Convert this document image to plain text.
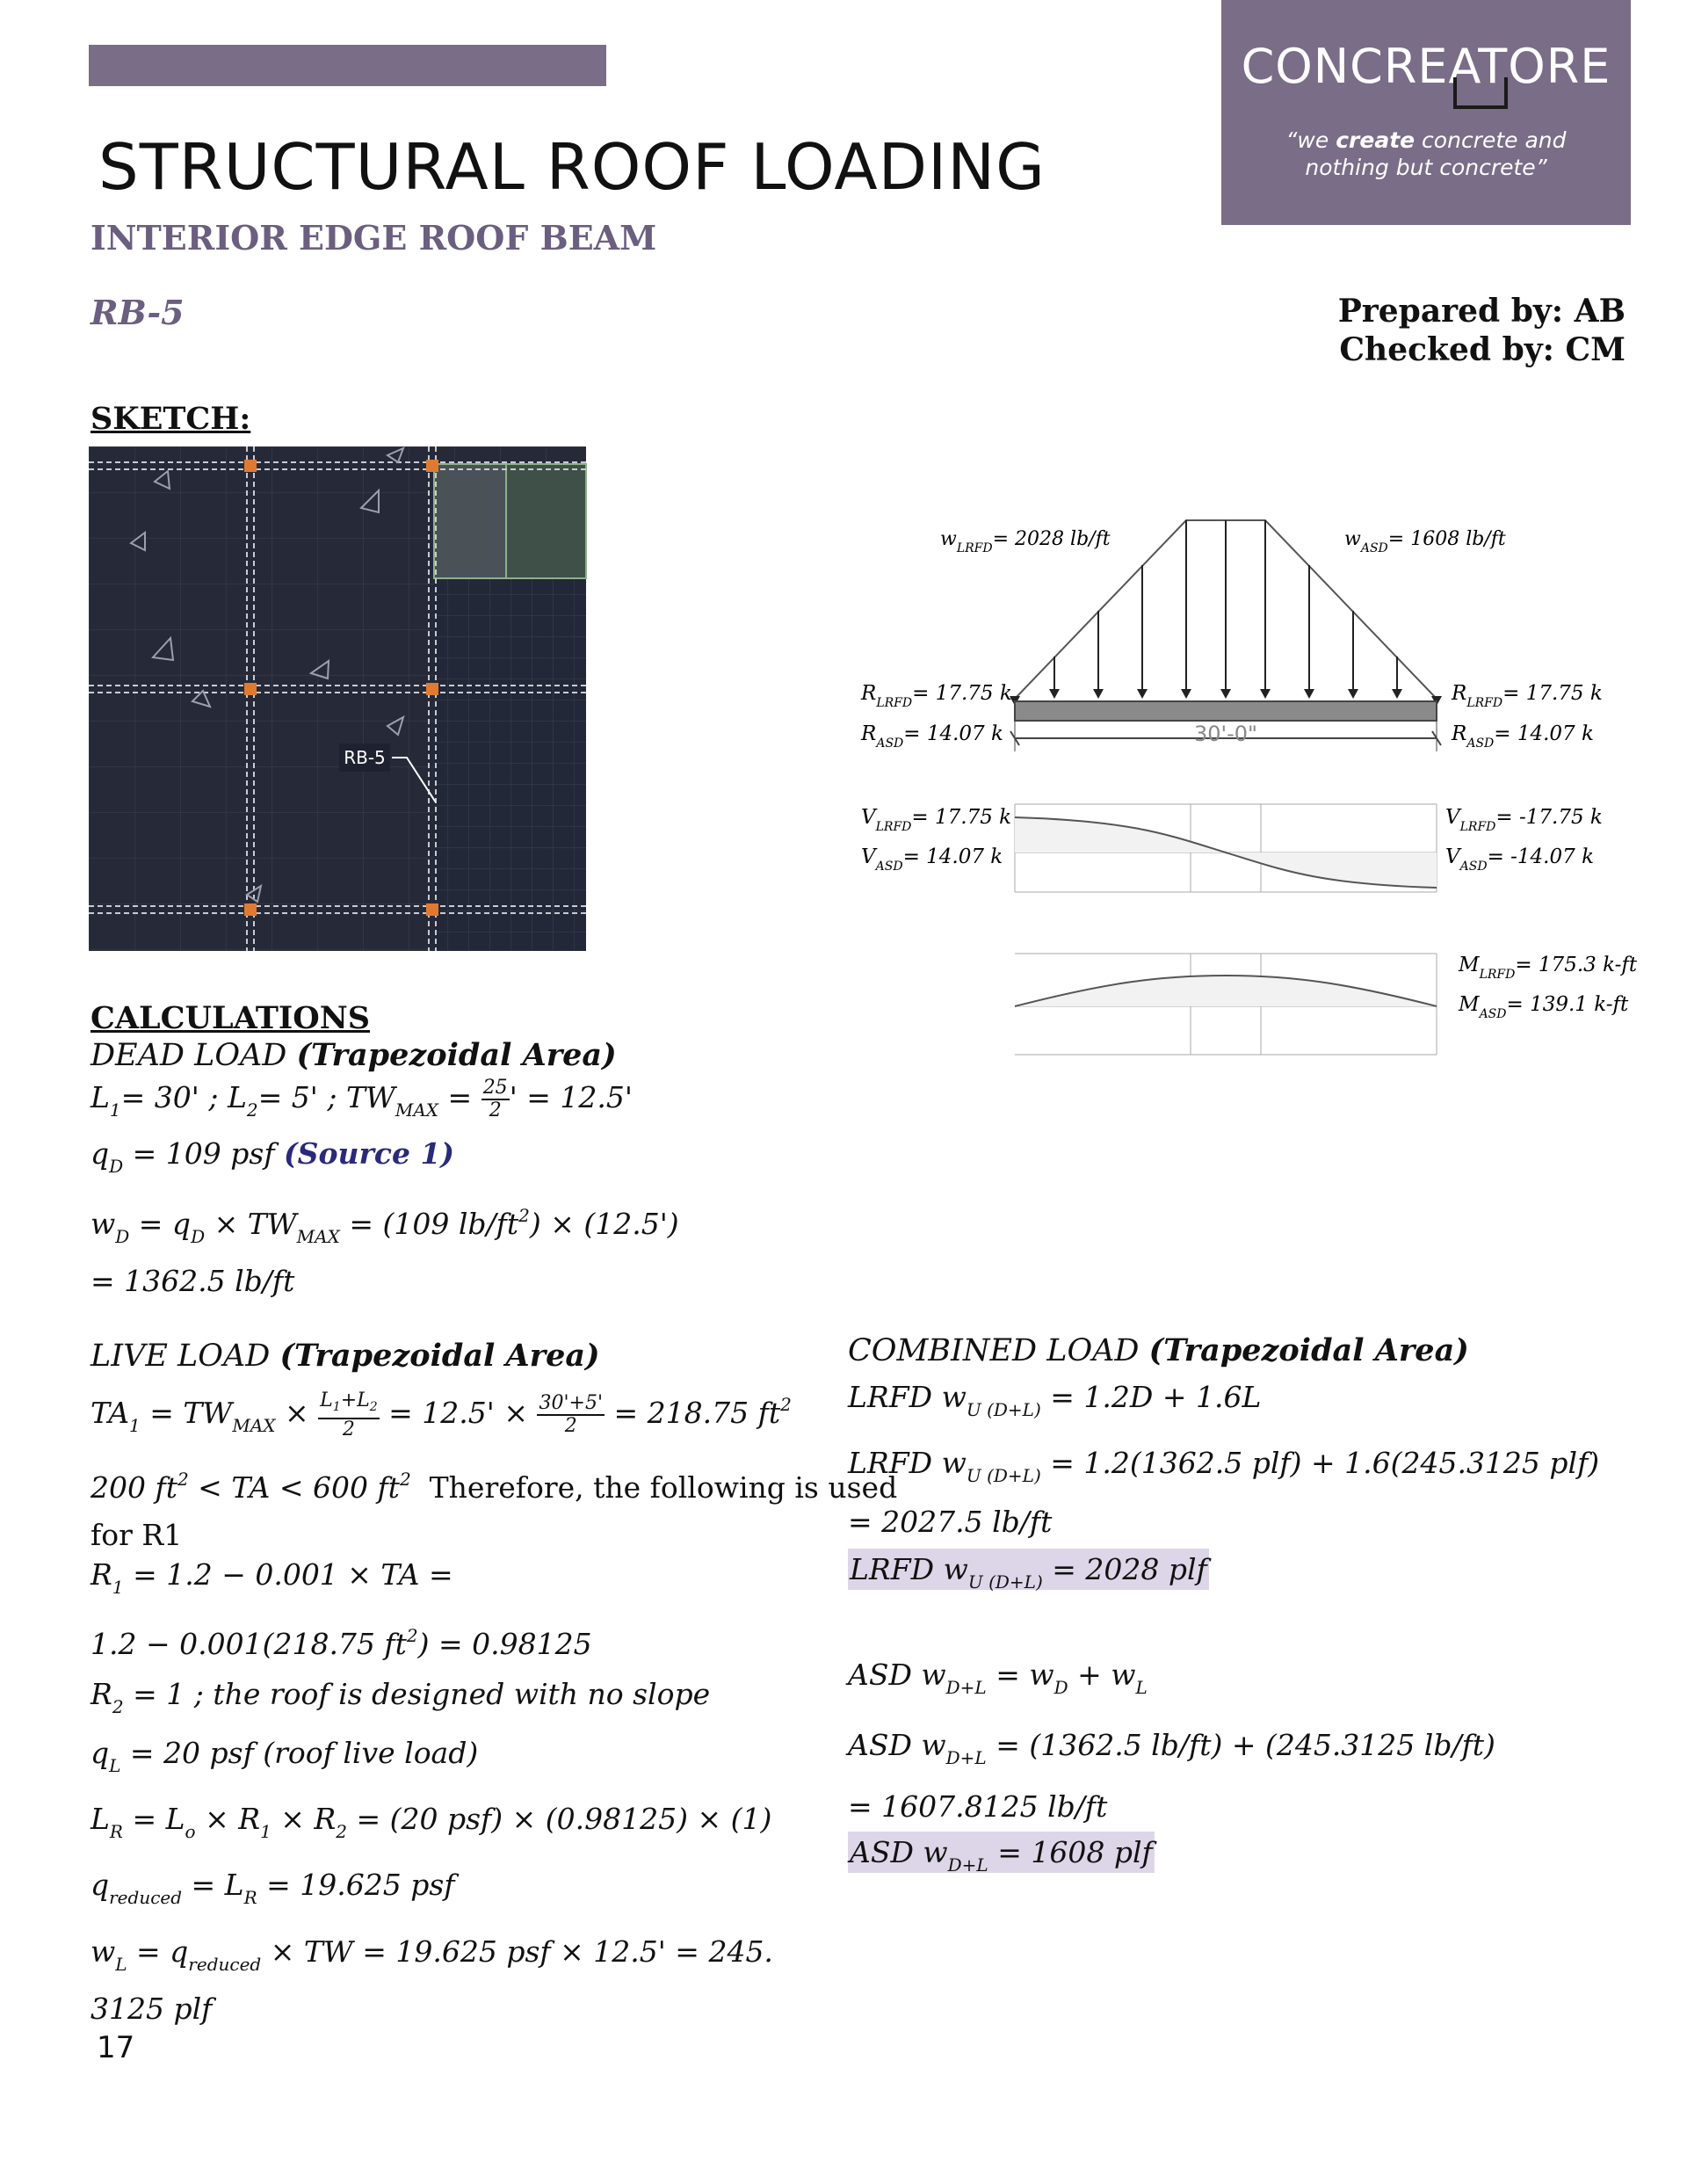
CONCREATORE
“we create concrete and
nothing but concrete”
STRUCTURAL ROOF LOADING
INTERIOR EDGE ROOF BEAM
RB-5	Prepared by: AB
Checked by: CM
SKETCH:
RB-5
30'-0"
$w_{LRFD}= 2028$ lb/ft	$w_{ASD}= 1608$ lb/ft
$R_{LRFD}= 17.75$ k
$R_{ASD}= 14.07$ k
$R_{LRFD}= 17.75$ k
$R_{ASD}= 14.07$ k
$V_{LRFD}= 17.75$ k
$V_{ASD}= 14.07$ k
$V_{LRFD}= -17.75$ k
$V_{ASD}= -14.07$ k
$M_{LRFD}= 175.3$ k-ft
$M_{ASD}= 139.1$ k-ft
CALCULATIONS
DEAD LOAD (Trapezoidal Area)
$L_1= 30'$ ; $L_2= 5'$ ; $TW_{MAX} = \frac{25}{2}$ ' = 12.5'
$q_D = 109$ psf (Source 1)
$w_D = q_D \times TW_{MAX} = (109$ $lb/ft^2) \times (12.5')$
= 1362.5 lb/ft
LIVE LOAD (Trapezoidal Area)
$TA_1 = TW_{MAX} \times \frac{L_1+L_2}{2} = 12.5' \times \frac{30'+5'}{2} = 218.75$ $ft^2$
200 $ft^2$ < TA < 600 $ft^2$ Therefore, the following is used
for R1
$R_1 = 1.2 - 0.001$ × TA =
1.2 − 0.001(218.75 $ft^2) = 0.98125$
$R_2 = 1$ ; the roof is designed with no slope
$q_L = 20$ psf (roof live load)
$L_R = L_o \times R_1 \times R_2 = (20$ psf) × (0.98125) × (1)
$q_{reduced} = L_R = 19.625$ psf
$w_L = q_{reduced}$ × TW = 19.625 psf × 12.5' = 245.
3125 plf
COMBINED LOAD (Trapezoidal Area)
LRFD $w_{U (D+L)} = 1.2D + 1.6L$
LRFD $w_{U (D+L)} = 1.2(1362.5$ plf) + 1.6(245.3125 plf)
= 2027.5 lb/ft
LRFD $w_{U (D+L)} = 2028$ plf
ASD $w_{D+L} = w_D + w_L$
ASD $w_{D+L} = (1362.5$ lb/ft) + (245.3125 lb/ft)
= 1607.8125 lb/ft
ASD $w_{D+L} = 1608$ plf
17
